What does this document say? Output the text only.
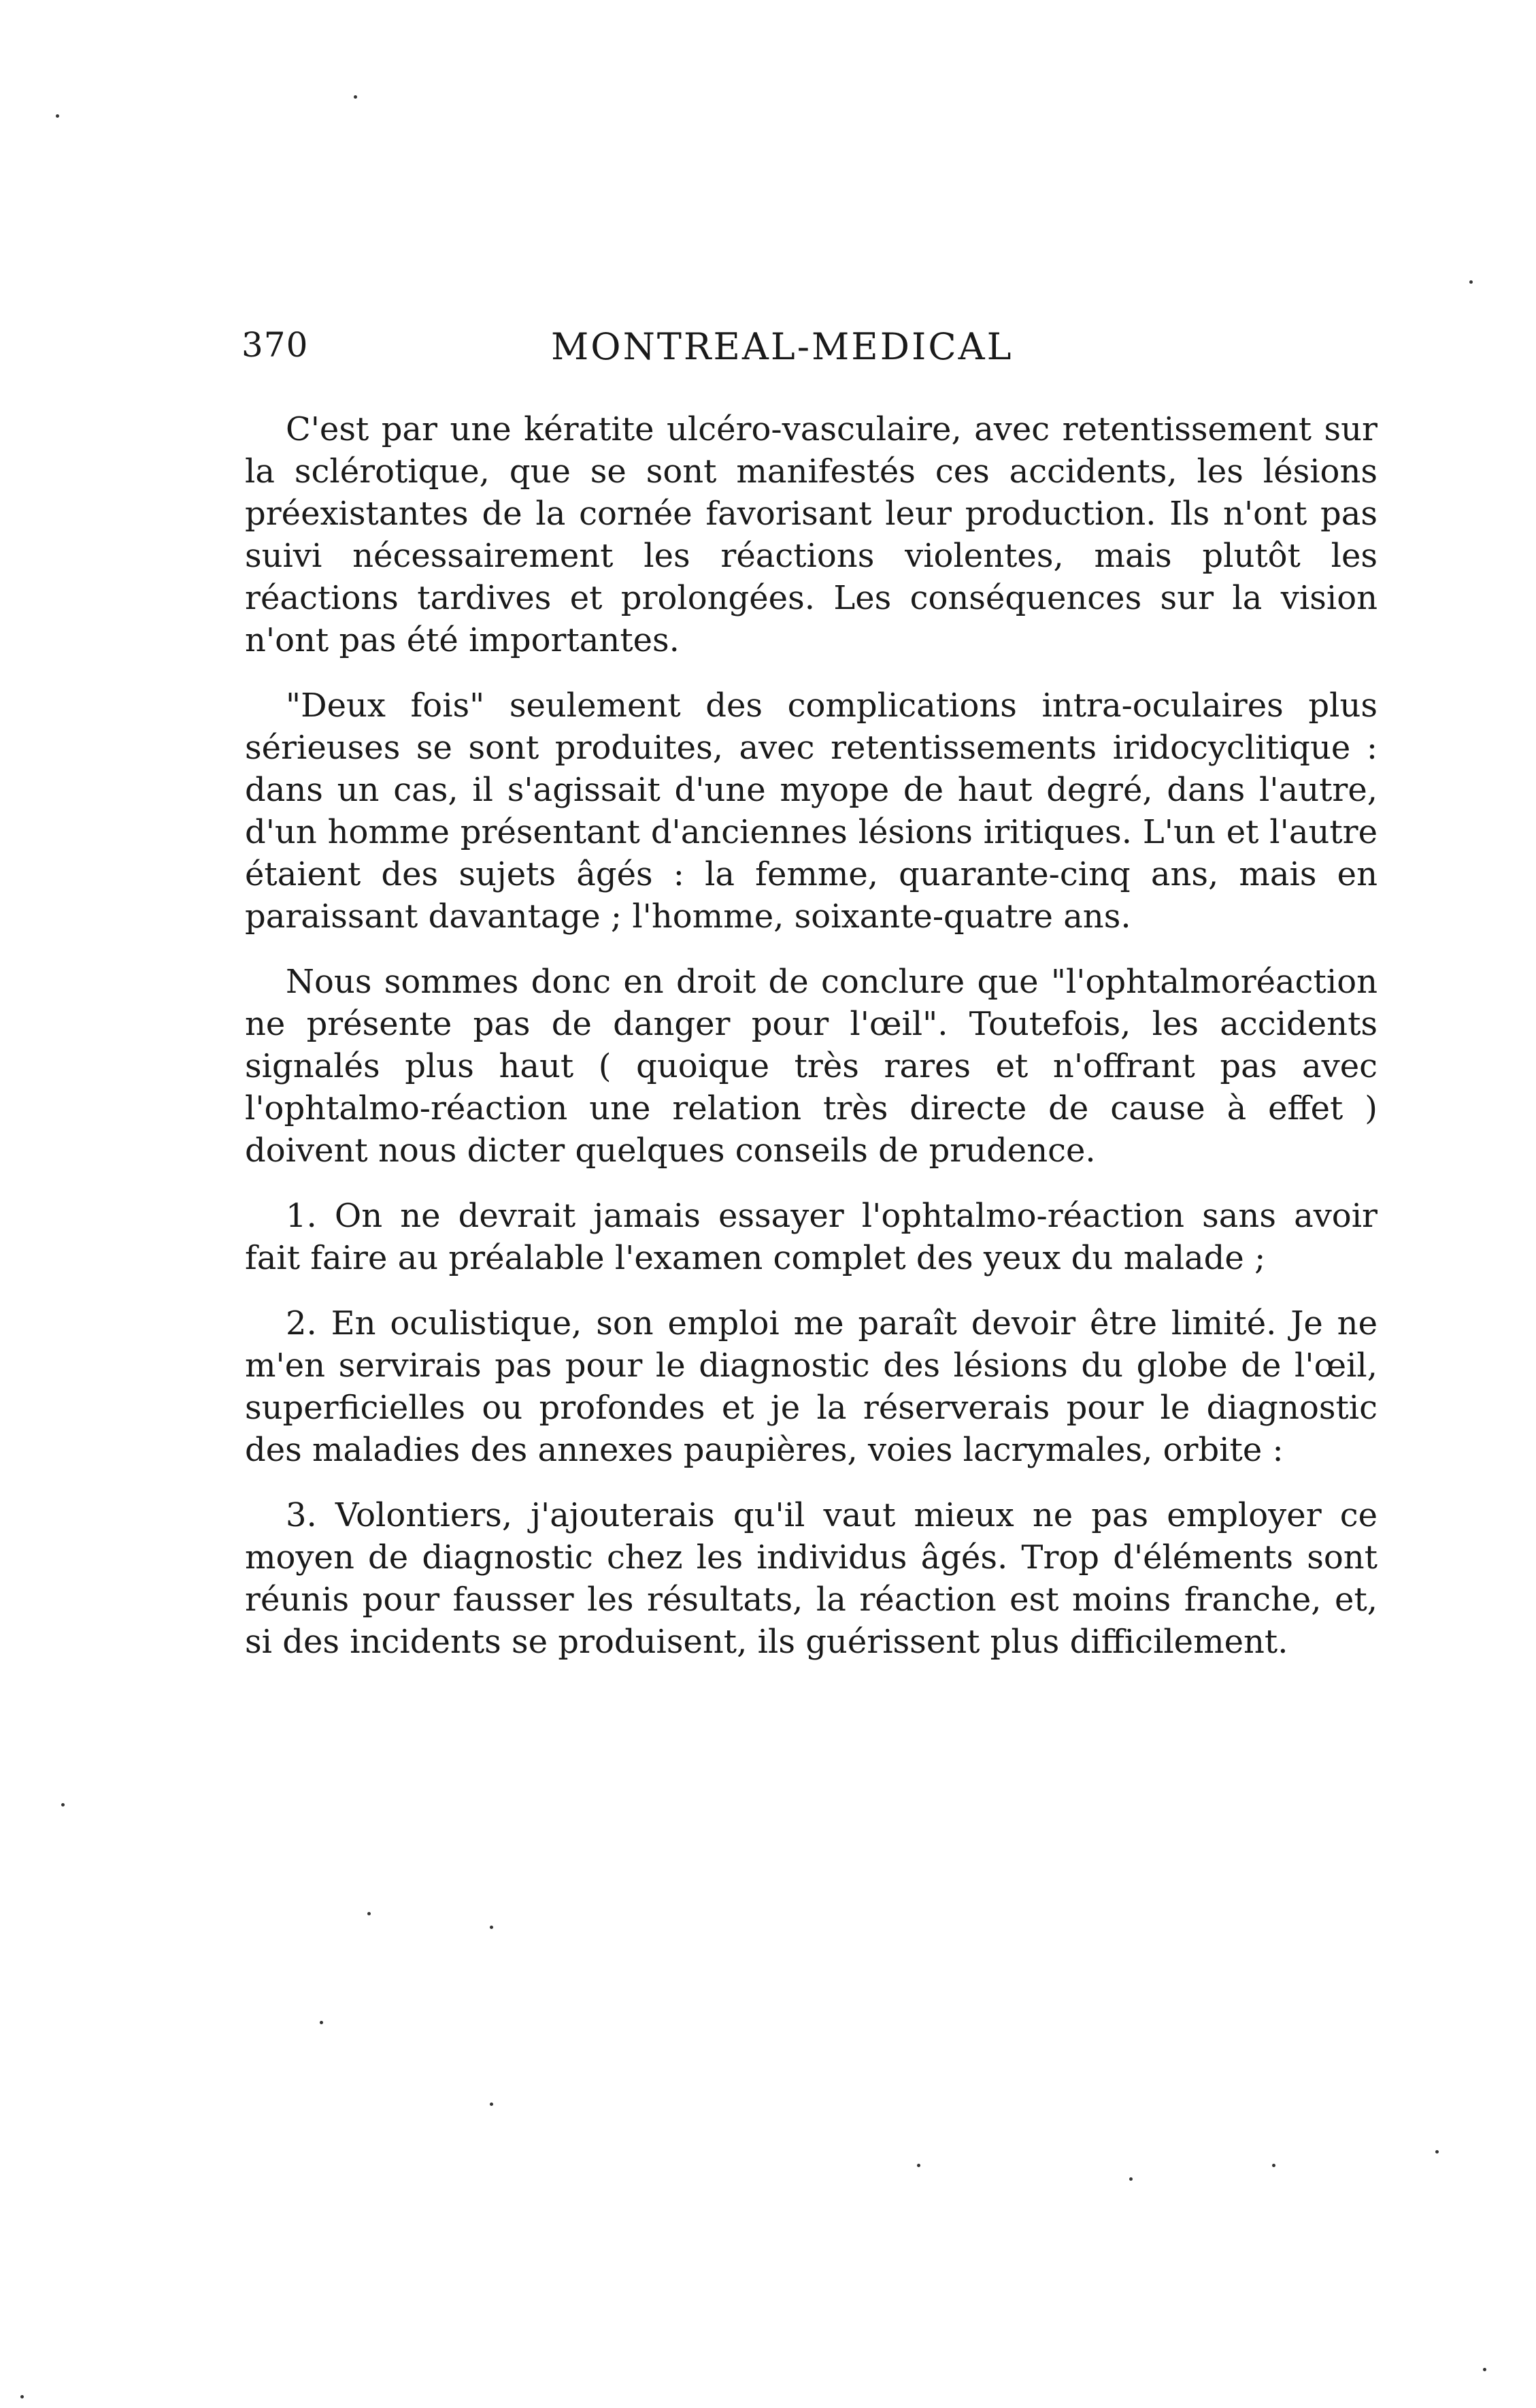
370	MONTREAL-MEDICAL

C'est par une kératite ulcéro-vasculaire, avec retentissement sur la sclérotique, que se sont manifestés ces accidents, les lésions préexistantes de la cornée favorisant leur production. Ils n'ont pas suivi nécessairement les réactions violentes, mais plutôt les réactions tardives et prolongées. Les conséquences sur la vision n'ont pas été importantes.

"Deux fois" seulement des complications intra-oculaires plus sérieuses se sont produites, avec retentissements iridocyclitique : dans un cas, il s'agissait d'une myope de haut degré, dans l'autre, d'un homme présentant d'anciennes lésions iritiques. L'un et l'autre étaient des sujets âgés : la femme, quarante-cinq ans, mais en paraissant davantage ; l'homme, soixante-quatre ans.

Nous sommes donc en droit de conclure que "l'ophtalmoréaction ne présente pas de danger pour l'œil". Toutefois, les accidents signalés plus haut ( quoique très rares et n'offrant pas avec l'ophtalmo-réaction une relation très directe de cause à effet ) doivent nous dicter quelques conseils de prudence.

1. On ne devrait jamais essayer l'ophtalmo-réaction sans avoir fait faire au préalable l'examen complet des yeux du malade ;

2. En oculistique, son emploi me paraît devoir être limité. Je ne m'en servirais pas pour le diagnostic des lésions du globe de l'œil, superficielles ou profondes et je la réserverais pour le diagnostic des maladies des annexes paupières, voies lacrymales, orbite :

3. Volontiers, j'ajouterais qu'il vaut mieux ne pas employer ce moyen de diagnostic chez les individus âgés. Trop d'éléments sont réunis pour fausser les résultats, la réaction est moins franche, et, si des incidents se produisent, ils guérissent plus difficilement.
